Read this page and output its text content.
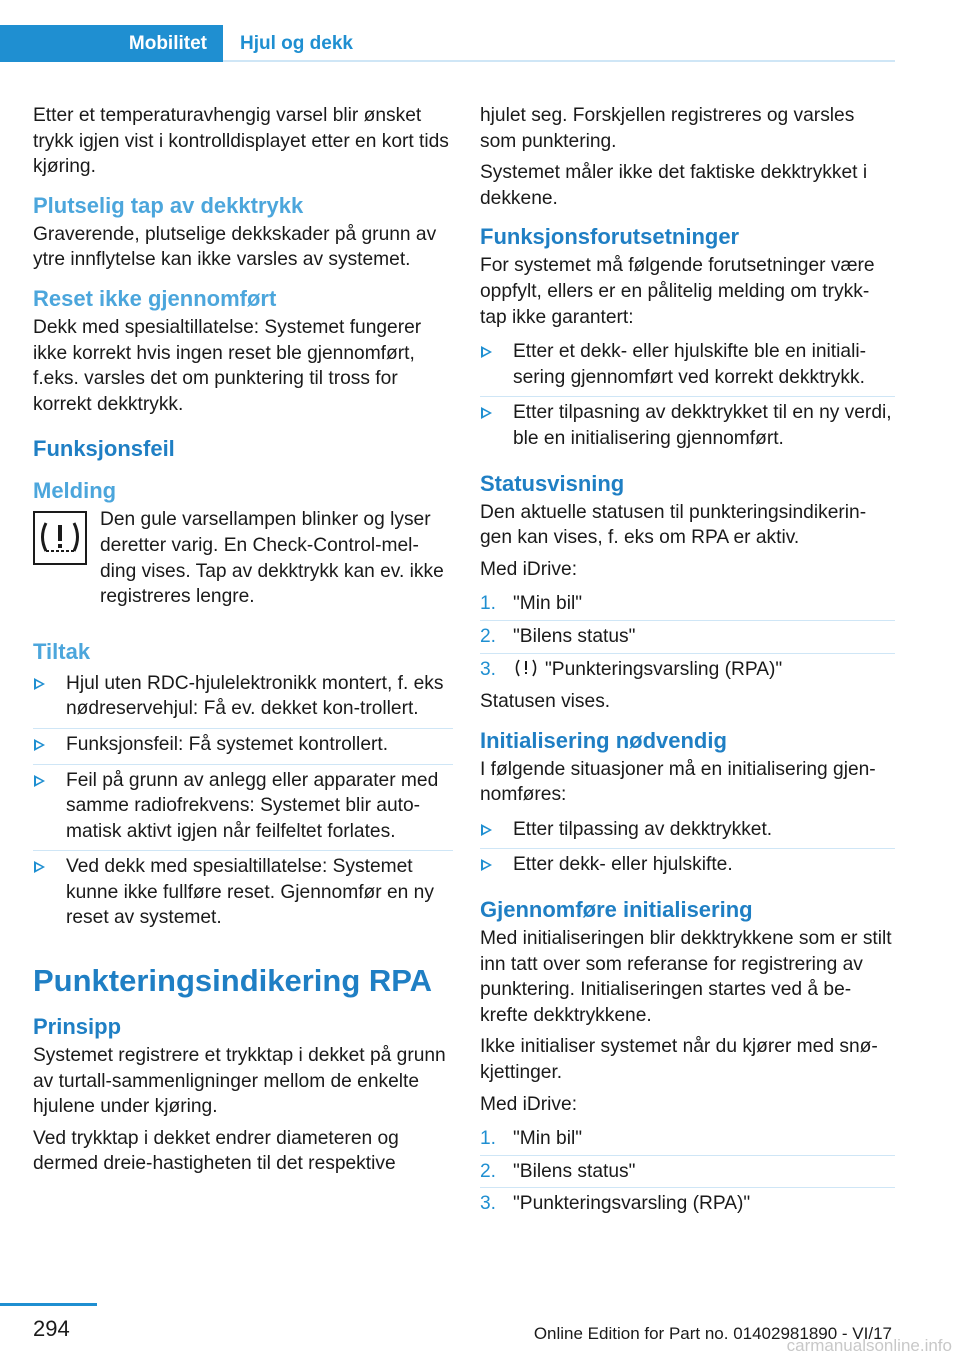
Mobilitet	Hjul og dekk

Etter et temperaturavhengig varsel blir ønsket trykk igjen vist i kontrolldisplayet etter en kort tids kjøring.

Plutselig tap av dekktrykk

Graverende, plutselige dekkskader på grunn av ytre innflytelse kan ikke varsles av systemet.

Reset ikke gjennomført

Dekk med spesialtillatelse: Systemet fungerer ikke korrekt hvis ingen reset ble gjennomført, f.eks. varsles det om punktering til tross for korrekt dekktrykk.

Funksjonsfeil
Melding

Den gule varsellampen blinker og lyser deretter varig. En Check-Control-mel-ding vises. Tap av dekktrykk kan ev. ikke registreres lengre.

Tiltak
Hjul uten RDC-hjulelektronikk montert, f. eks nødreservehjul: Få ev. dekket kon-trollert.
Funksjonsfeil: Få systemet kontrollert.
Feil på grunn av anlegg eller apparater med samme radiofrekvens: Systemet blir auto-matisk aktivt igjen når feilfeltet forlates.
Ved dekk med spesialtillatelse: Systemet kunne ikke fullføre reset. Gjennomfør en ny reset av systemet.
Punkteringsindikering RPA
Prinsipp

Systemet registrere et trykktap i dekket på grunn av turtall-sammenligninger mellom de enkelte hjulene under kjøring.

Ved trykktap i dekket endrer diameteren og dermed dreie-hastigheten til det respektive

hjulet seg. Forskjellen registreres og varsles som punktering.

Systemet måler ikke det faktiske dekktrykket i dekkene.

Funksjonsforutsetninger

For systemet må følgende forutsetninger være oppfylt, ellers er en pålitelig melding om trykk-tap ikke garantert:

Etter et dekk- eller hjulskifte ble en initiali-sering gjennomført ved korrekt dekktrykk.
Etter tilpasning av dekktrykket til en ny verdi, ble en initialisering gjennomført.
Statusvisning

Den aktuelle statusen til punkteringsindikerin-gen kan vises, f. eks om RPA er aktiv.

Med iDrive:

1. "Min bil"
2. "Bilens status"
3.	"Punkteringsvarsling (RPA)"

Statusen vises.

Initialisering nødvendig

I følgende situasjoner må en initialisering gjen-nomføres:

Etter tilpassing av dekktrykket.
Etter dekk- eller hjulskifte.
Gjennomføre initialisering

Med initialiseringen blir dekktrykkene som er stilt inn tatt over som referanse for registrering av punktering. Initialiseringen startes ved å be-krefte dekktrykkene.

Ikke initialiser systemet når du kjører med snø-kjettinger.

Med iDrive:

1. "Min bil"
2. "Bilens status"
3. "Punkteringsvarsling (RPA)"
294	Online Edition for Part no. 01402981890 - VI/17
carmanualsonline.info
